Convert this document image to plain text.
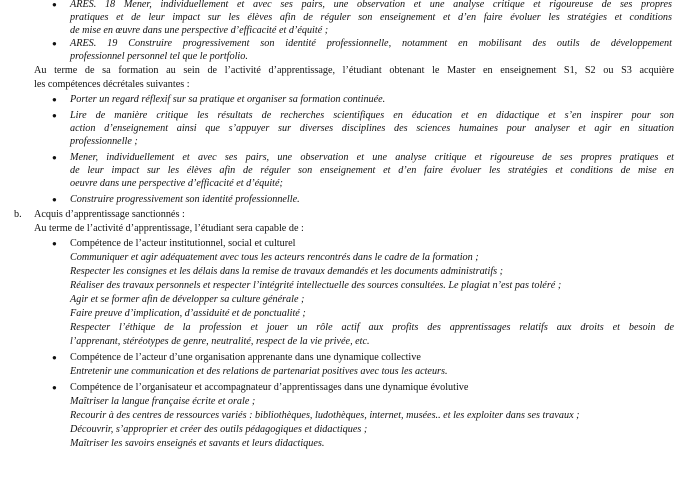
● ARES. 18 Mener, individuellement et avec ses pairs, une observation et une analyse critique et rigoureuse de ses propres
pratiques et de leur impact sur les élèves afin de réguler son enseignement et d’en faire évoluer les stratégies et conditions
de mise en œuvre dans une perspective d’efficacité et d’équité ;
● ARES. 19 Construire progressivement son identité professionnelle, notamment en mobilisant des outils de développement
professionnel personnel tel que le portfolio.
Au terme de sa formation au sein de l’activité d’apprentissage, l’étudiant obtenant le Master en enseignement S1, S2 ou S3 acquière
les compétences décrétales suivantes :
● Porter un regard réflexif sur sa pratique et organiser sa formation continuée.
● Lire de manière critique les résultats de recherches scientifiques en éducation et en didactique et s’en inspirer pour son
action d’enseignement ainsi que s’appuyer sur diverses disciplines des sciences humaines pour analyser et agir en situation
professionnelle ;
● Mener, individuellement et avec ses pairs, une observation et une analyse critique et rigoureuse de ses propres pratiques et
de leur impact sur les élèves afin de réguler son enseignement et d’en faire évoluer les stratégies et conditions de mise en
oeuvre dans une perspective d’efficacité et d’équité;
● Construire progressivement son identité professionnelle.
b. Acquis d’apprentissage sanctionnés :
Au terme de l’activité d’apprentissage, l’étudiant sera capable de :
● Compétence de l’acteur institutionnel, social et culturel
Communiquer et agir adéquatement avec tous les acteurs rencontrés dans le cadre de la formation ;
Respecter les consignes et les délais dans la remise de travaux demandés et les documents administratifs ;
Réaliser des travaux personnels et respecter l’intégrité intellectuelle des sources consultées. Le plagiat n’est pas toléré ;
Agir et se former afin de développer sa culture générale ;
Faire preuve d’implication, d’assiduité et de ponctualité ;
Respecter l’éthique de la profession et jouer un rôle actif aux profits des apprentissages relatifs aux droits et besoin de
l’apprenant, stéréotypes de genre, neutralité, respect de la vie privée, etc.
● Compétence de l’acteur d’une organisation apprenante dans une dynamique collective
Entretenir une communication et des relations de partenariat positives avec tous les acteurs.
● Compétence de l’organisateur et accompagnateur d’apprentissages dans une dynamique évolutive
Maîtriser la langue française écrite et orale ;
Recourir à des centres de ressources variés : bibliothèques, ludothèques, internet, musées.. et les exploiter dans ses travaux ;
Découvrir, s’approprier et créer des outils pédagogiques et didactiques ;
Maîtriser les savoirs enseignés et savants et leurs didactiques.
